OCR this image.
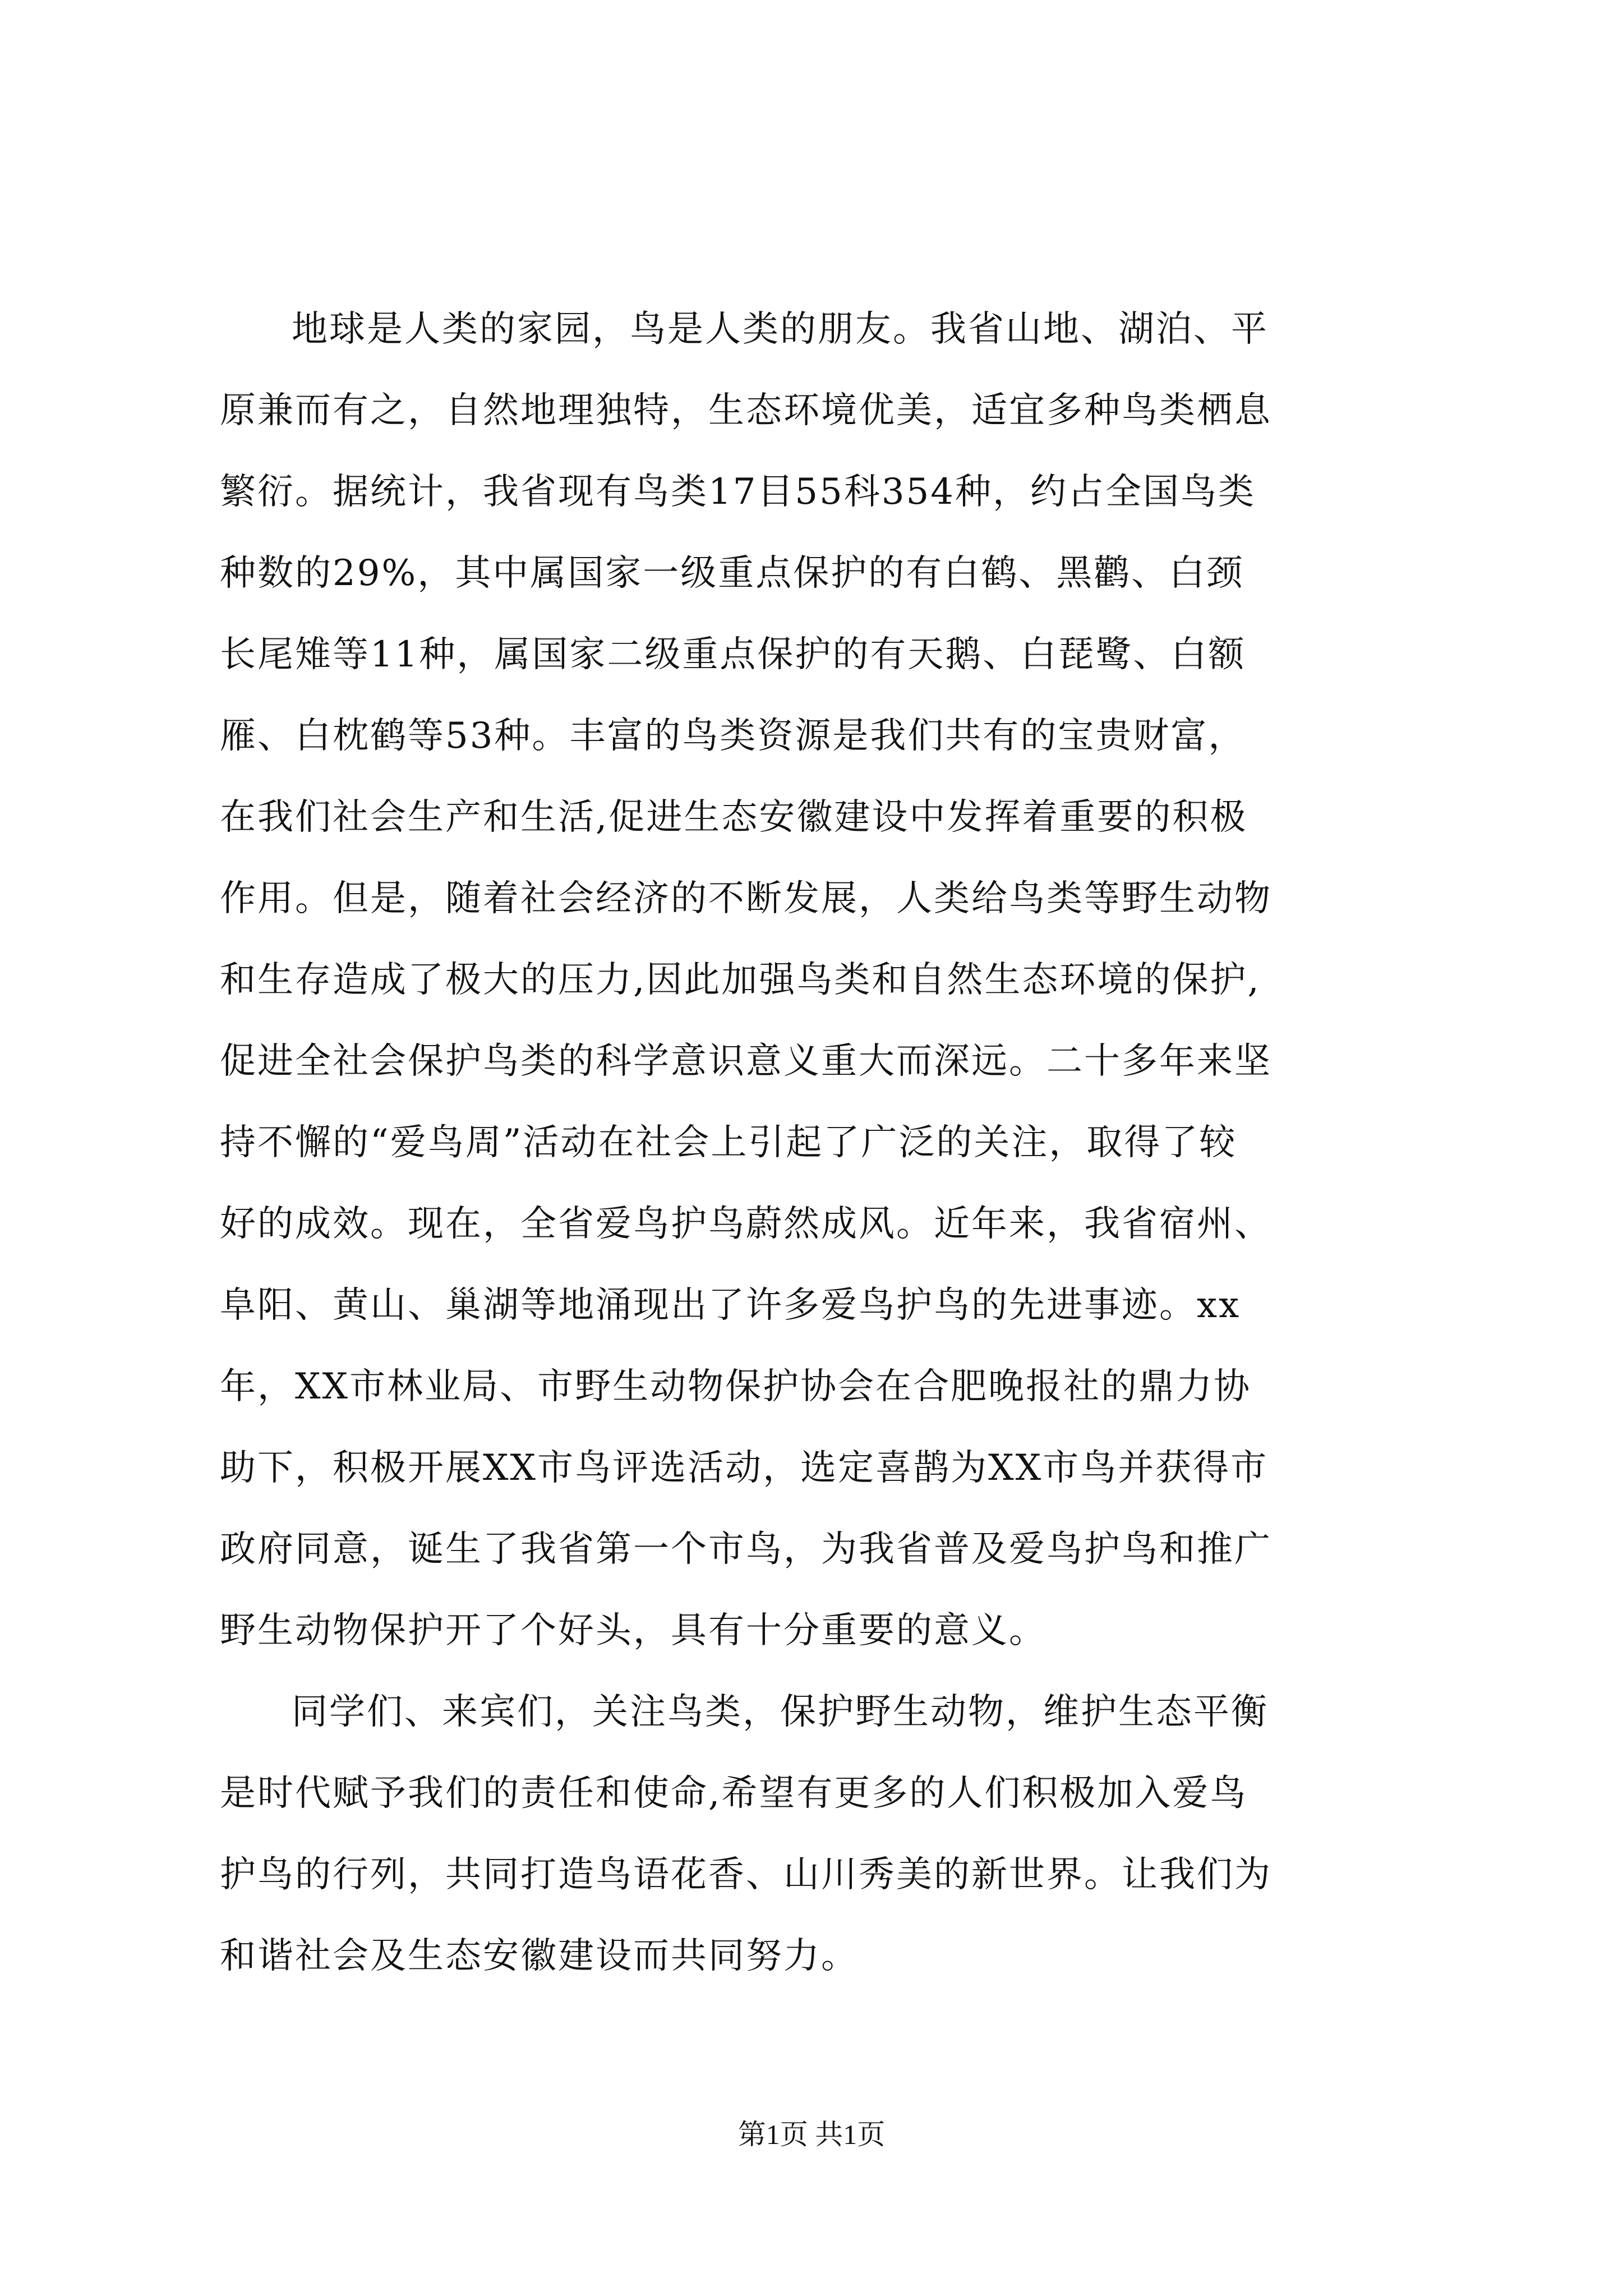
地球是人类的家园，鸟是人类的朋友。我省山地、湖泊、平
原兼而有之，自然地理独特，生态环境优美，适宜多种鸟类栖息
繁衍。据统计，我省现有鸟类17目55科354种，约占全国鸟类
种数的29%，其中属国家一级重点保护的有白鹤、黑鹳、白颈
长尾雉等11种，属国家二级重点保护的有天鹅、白琵鹭、白额
雁、白枕鹤等53种。丰富的鸟类资源是我们共有的宝贵财富，
在我们社会生产和生活,促进生态安徽建设中发挥着重要的积极
作用。但是，随着社会经济的不断发展，人类给鸟类等野生动物
和生存造成了极大的压力,因此加强鸟类和自然生态环境的保护,
促进全社会保护鸟类的科学意识意义重大而深远。二十多年来坚
持不懈的“爱鸟周”活动在社会上引起了广泛的关注，取得了较
好的成效。现在，全省爱鸟护鸟蔚然成风。近年来，我省宿州、
阜阳、黄山、巢湖等地涌现出了许多爱鸟护鸟的先进事迹。xx
年，XX市林业局、市野生动物保护协会在合肥晚报社的鼎力协
助下，积极开展XX市鸟评选活动，选定喜鹊为XX市鸟并获得市
政府同意，诞生了我省第一个市鸟，为我省普及爱鸟护鸟和推广
野生动物保护开了个好头，具有十分重要的意义。
同学们、来宾们，关注鸟类，保护野生动物，维护生态平衡
是时代赋予我们的责任和使命,希望有更多的人们积极加入爱鸟
护鸟的行列，共同打造鸟语花香、山川秀美的新世界。让我们为
和谐社会及生态安徽建设而共同努力。
第1页 共1页
